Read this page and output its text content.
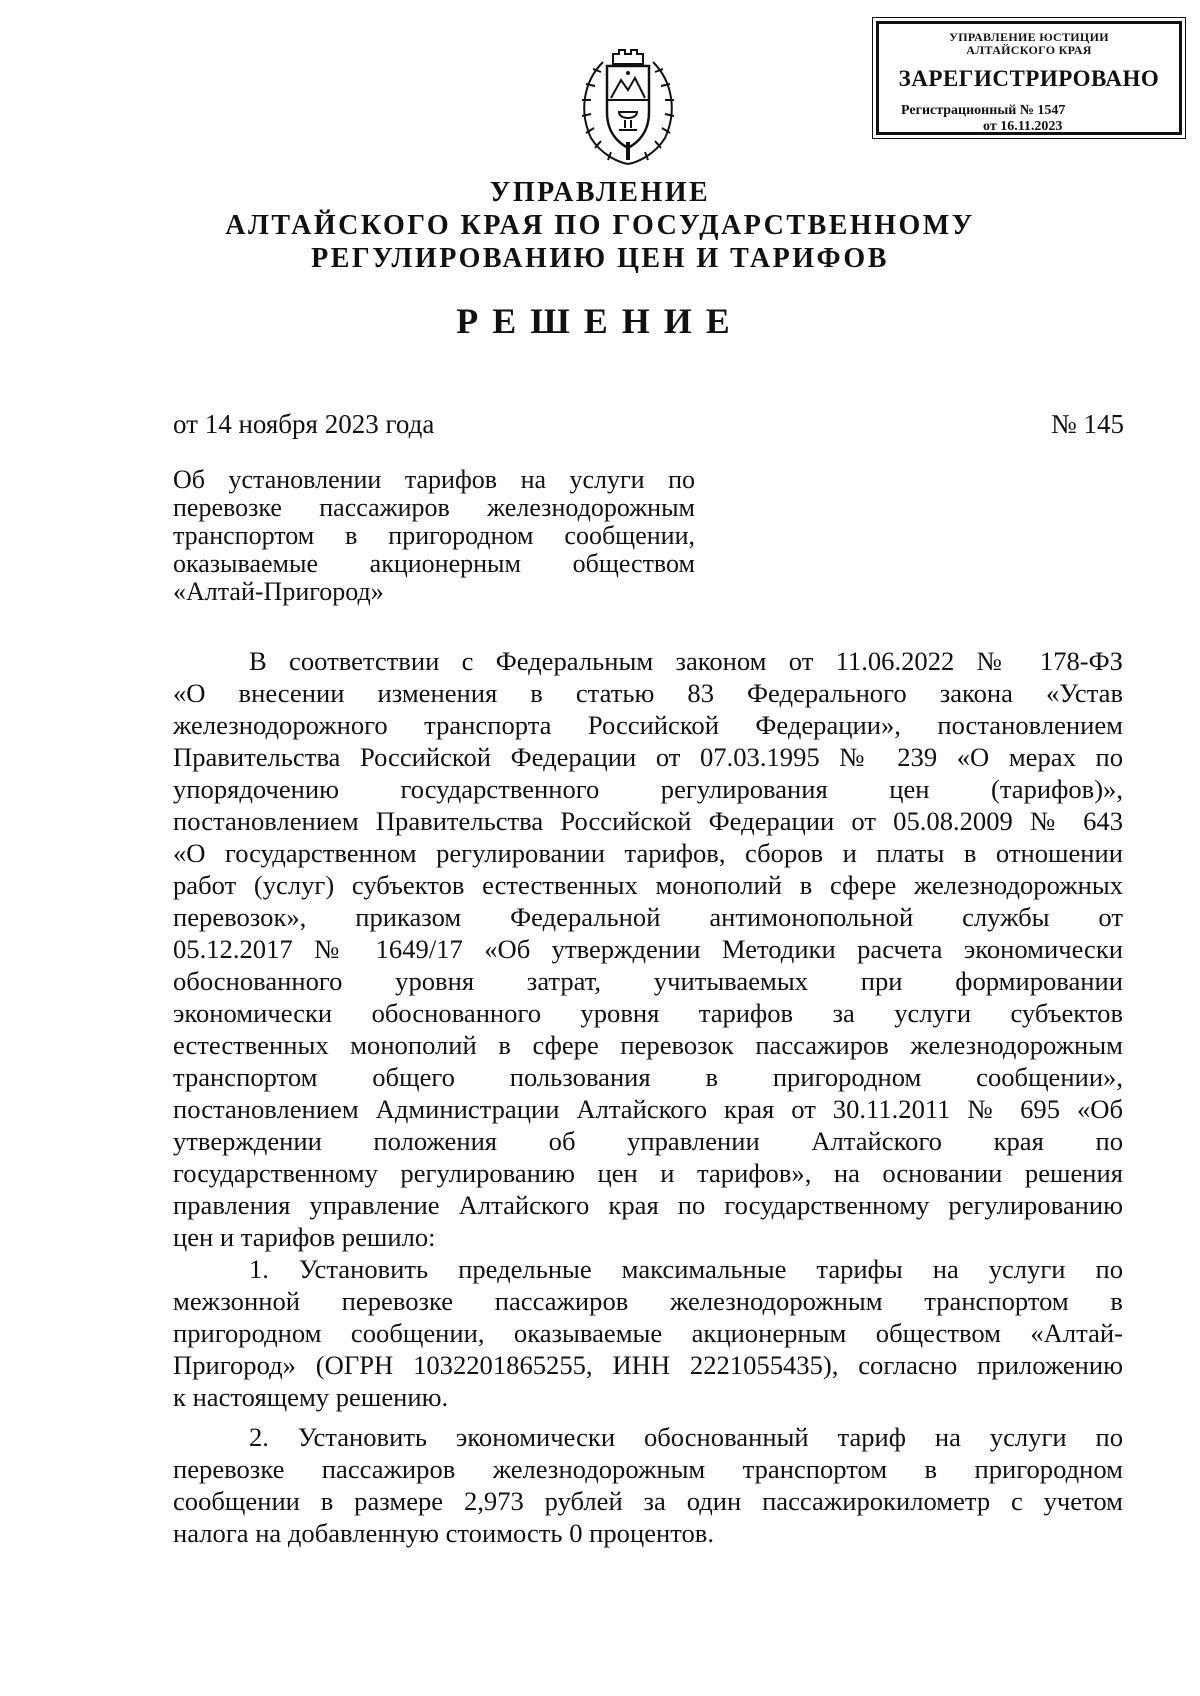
УПРАВЛЕНИЕ ЮСТИЦИИ
АЛТАЙСКОГО КРАЯ
ЗАРЕГИСТРИРОВАНО
Регистрационный № 1547
от 16.11.2023
УПРАВЛЕНИЕ
АЛТАЙСКОГО КРАЯ ПО ГОСУДАРСТВЕННОМУ
РЕГУЛИРОВАНИЮ ЦЕН И ТАРИФОВ
РЕШЕНИЕ
от 14 ноября 2023 года	№ 145
Об установлении тарифов на услуги по
перевозке пассажиров железнодорожным
транспортом в пригородном сообщении,
оказываемые акционерным обществом
«Алтай-Пригород»
В соответствии с Федеральным законом от 11.06.2022 № 178-ФЗ
«О внесении изменения в статью 83 Федерального закона «Устав
железнодорожного транспорта Российской Федерации», постановлением
Правительства Российской Федерации от 07.03.1995 № 239 «О мерах по
упорядочению государственного регулирования цен (тарифов)»,
постановлением Правительства Российской Федерации от 05.08.2009 № 643
«О государственном регулировании тарифов, сборов и платы в отношении
работ (услуг) субъектов естественных монополий в сфере железнодорожных
перевозок», приказом Федеральной антимонопольной службы от
05.12.2017 № 1649/17 «Об утверждении Методики расчета экономически
обоснованного уровня затрат, учитываемых при формировании
экономически обоснованного уровня тарифов за услуги субъектов
естественных монополий в сфере перевозок пассажиров железнодорожным
транспортом общего пользования в пригородном сообщении»,
постановлением Администрации Алтайского края от 30.11.2011 № 695 «Об
утверждении положения об управлении Алтайского края по
государственному регулированию цен и тарифов», на основании решения
правления управление Алтайского края по государственному регулированию
цен и тарифов решило:
1. Установить предельные максимальные тарифы на услуги по
межзонной перевозке пассажиров железнодорожным транспортом в
пригородном сообщении, оказываемые акционерным обществом «Алтай-
Пригород» (ОГРН 1032201865255, ИНН 2221055435), согласно приложению
к настоящему решению.
2. Установить экономически обоснованный тариф на услуги по
перевозке пассажиров железнодорожным транспортом в пригородном
сообщении в размере 2,973 рублей за один пассажирокилометр с учетом
налога на добавленную стоимость 0 процентов.
